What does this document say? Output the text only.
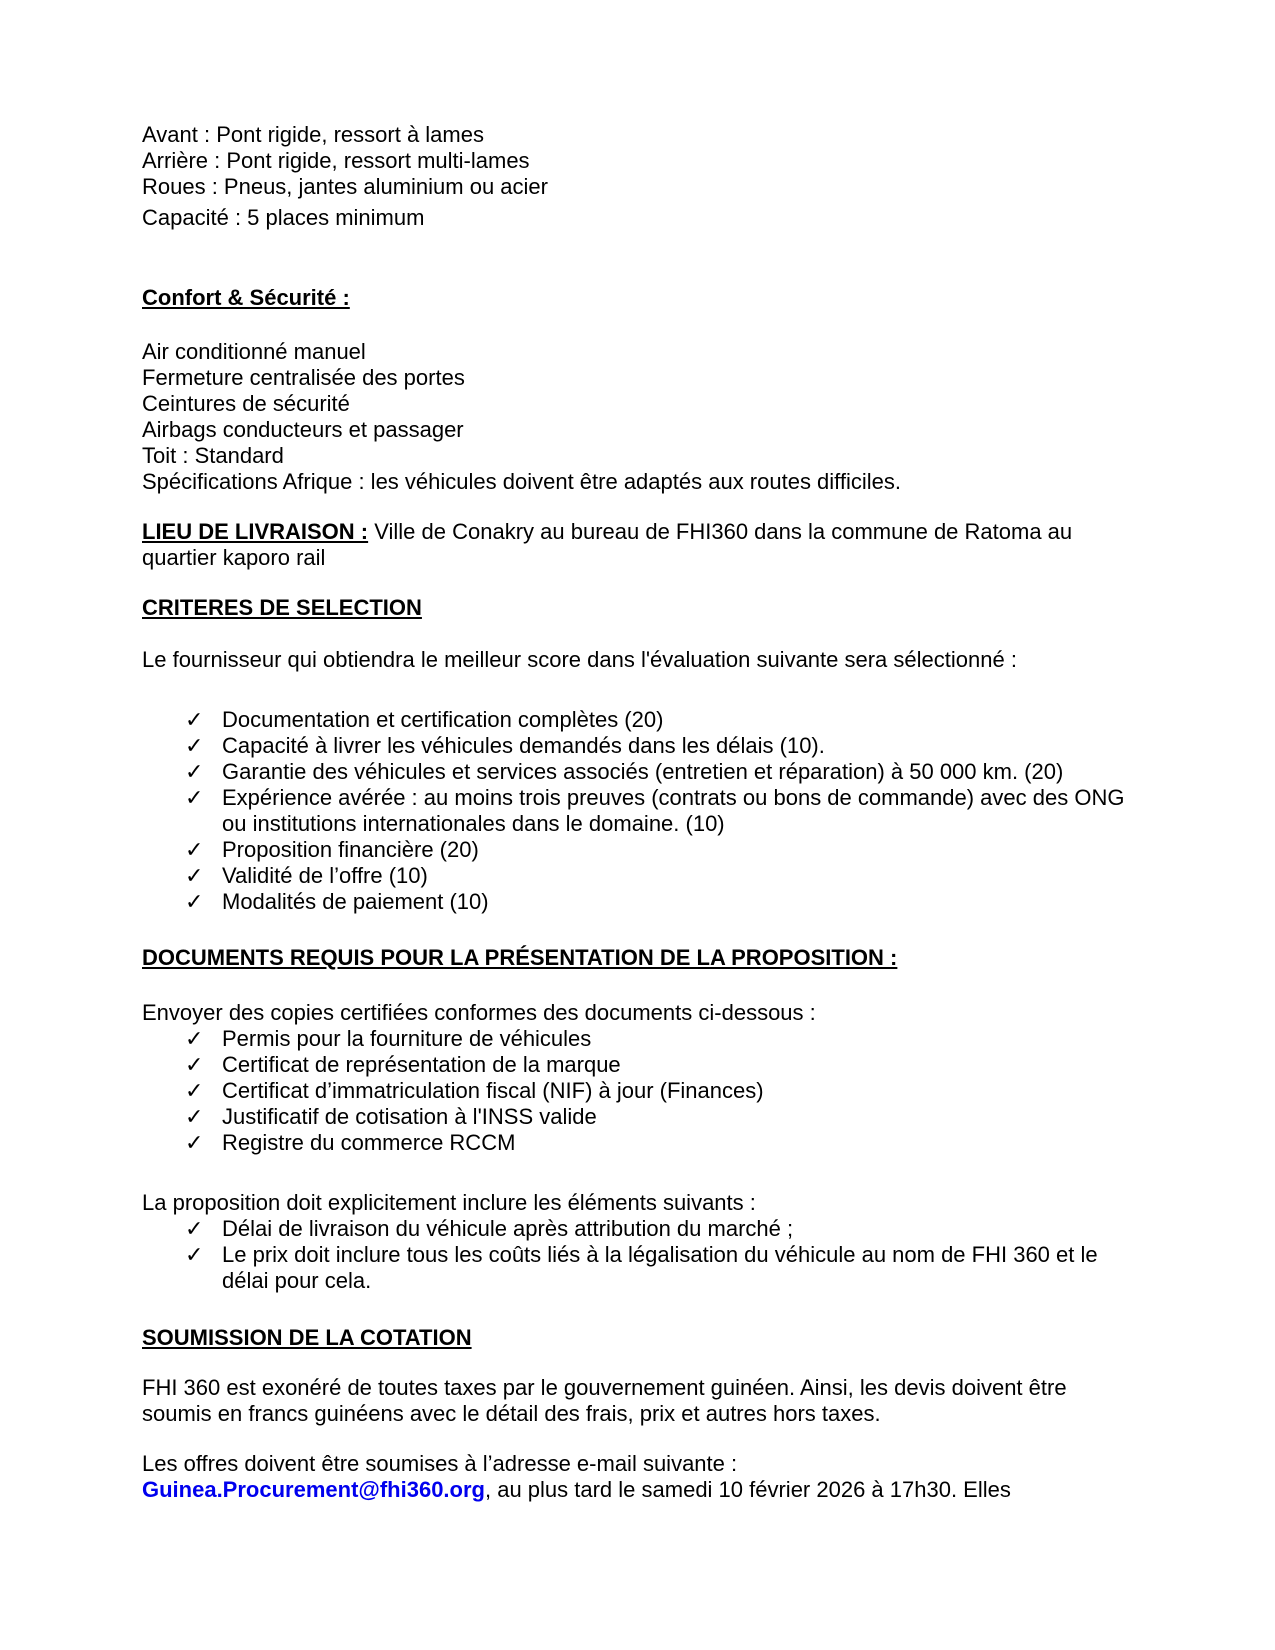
Avant : Pont rigide, ressort à lames

Arrière : Pont rigide, ressort multi-lames

Roues : Pneus, jantes aluminium ou acier

Capacité : 5 places minimum

Confort & Sécurité :

Air conditionné manuel

Fermeture centralisée des portes

Ceintures de sécurité

Airbags conducteurs et passager

Toit : Standard

Spécifications Afrique : les véhicules doivent être adaptés aux routes difficiles.

LIEU DE LIVRAISON : Ville de Conakry au bureau de FHI360 dans la commune de Ratoma au quartier kaporo rail

CRITERES DE SELECTION

Le fournisseur qui obtiendra le meilleur score dans l'évaluation suivante sera sélectionné :

✓ Documentation et certification complètes (20)
✓ Capacité à livrer les véhicules demandés dans les délais (10).
✓ Garantie des véhicules et services associés (entretien et réparation) à 50 000 km. (20)
✓ Expérience avérée : au moins trois preuves (contrats ou bons de commande) avec des ONG ou institutions internationales dans le domaine. (10)
✓ Proposition financière (20)
✓ Validité de l’offre (10)
✓ Modalités de paiement (10)
DOCUMENTS REQUIS POUR LA PRÉSENTATION DE LA PROPOSITION :

Envoyer des copies certifiées conformes des documents ci-dessous :

✓ Permis pour la fourniture de véhicules
✓ Certificat de représentation de la marque
✓ Certificat d’immatriculation fiscal (NIF) à jour (Finances)
✓ Justificatif de cotisation à l'INSS valide
✓ Registre du commerce RCCM

La proposition doit explicitement inclure les éléments suivants :

✓ Délai de livraison du véhicule après attribution du marché ;
✓ Le prix doit inclure tous les coûts liés à la légalisation du véhicule au nom de FHI 360 et le délai pour cela.
SOUMISSION DE LA COTATION

FHI 360 est exonéré de toutes taxes par le gouvernement guinéen. Ainsi, les devis doivent être soumis en francs guinéens avec le détail des frais, prix et autres hors taxes.

Les offres doivent être soumises à l’adresse e-mail suivante :
Guinea.Procurement@fhi360.org, au plus tard le samedi 10 février 2026 à 17h30. Elles
